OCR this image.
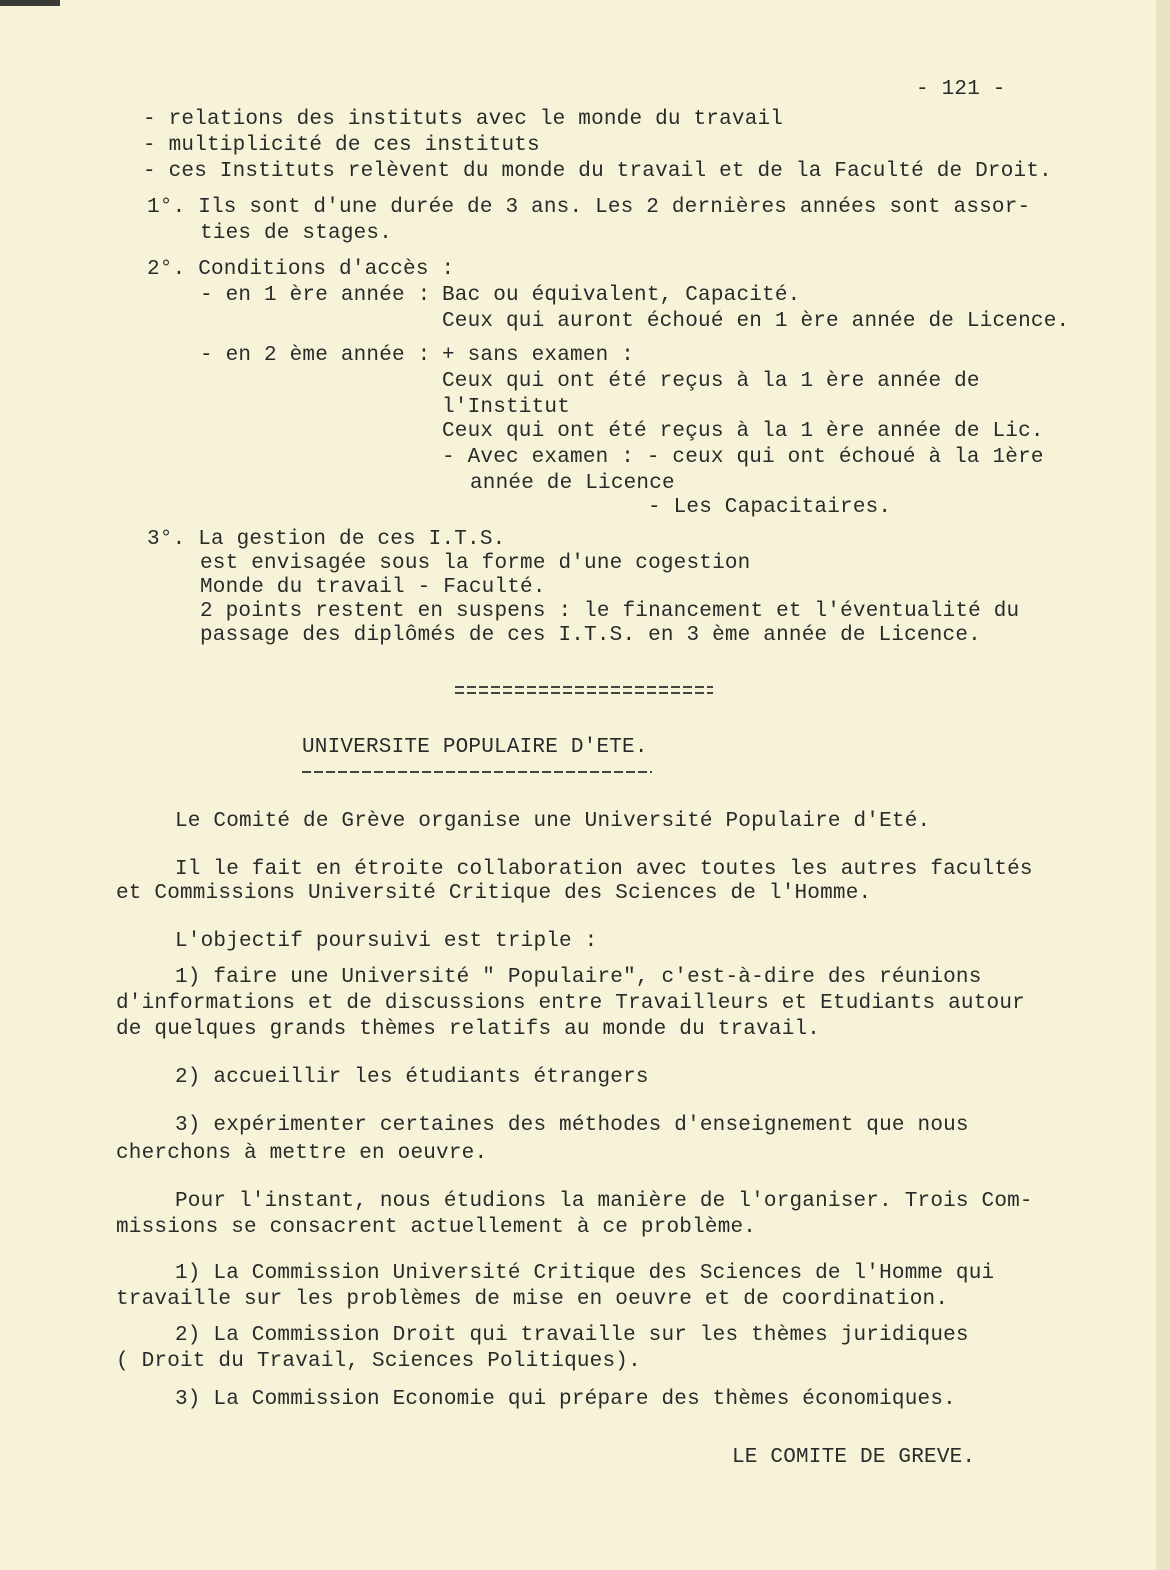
- 121 -
- relations des instituts avec le monde du travail
- multiplicité de ces instituts
- ces Instituts relèvent du monde du travail et de la Faculté de Droit.
1°. Ils sont d'une durée de 3 ans. Les 2 dernières années sont assor-
ties de stages.
2°. Conditions d'accès :
- en 1 ère année : Bac ou équivalent, Capacité.
Ceux qui auront échoué en 1 ère année de Licence.
- en 2 ème année : + sans examen :
Ceux qui ont été reçus à la 1 ère année de
l'Institut
Ceux qui ont été reçus à la 1 ère année de Lic.
- Avec examen : - ceux qui ont échoué à la 1ère
année de Licence
- Les Capacitaires.
3°. La gestion de ces I.T.S.
est envisagée sous la forme d'une cogestion
Monde du travail - Faculté.
2 points restent en suspens : le financement et l'éventualité du
passage des diplômés de ces I.T.S. en 3 ème année de Licence.
UNIVERSITE POPULAIRE D'ETE.
Le Comité de Grève organise une Université Populaire d'Eté.
Il le fait en étroite collaboration avec toutes les autres facultés
et Commissions Université Critique des Sciences de l'Homme.
L'objectif poursuivi est triple :
1) faire une Université " Populaire", c'est-à-dire des réunions
d'informations et de discussions entre Travailleurs et Etudiants autour
de quelques grands thèmes relatifs au monde du travail.
2) accueillir les étudiants étrangers
3) expérimenter certaines des méthodes d'enseignement que nous
cherchons à mettre en oeuvre.
Pour l'instant, nous étudions la manière de l'organiser. Trois Com-
missions se consacrent actuellement à ce problème.
1) La Commission Université Critique des Sciences de l'Homme qui
travaille sur les problèmes de mise en oeuvre et de coordination.
2) La Commission Droit qui travaille sur les thèmes juridiques
( Droit du Travail, Sciences Politiques).
3) La Commission Economie qui prépare des thèmes économiques.
LE COMITE DE GREVE.
